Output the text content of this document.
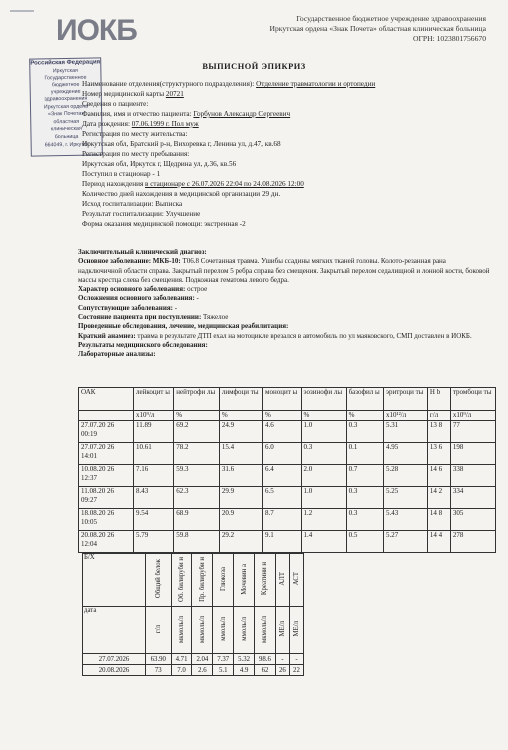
ИОКБ	Государственное бюджетное учреждение здравоохранения
Иркутская ордена «Знак Почета» областная клиническая больница
ОГРН: 1023801756670
ВЫПИСНОЙ ЭПИКРИЗ
Российская Федерация
Иркутская
Государственное бюджетное
учреждение здравоохранения
Иркутская ордена
«Знак Почета»
областная
клиническая
больница
664049, г. Иркутск
Наименование отделения(структурного подразделения): Отделение травматологии и ортопедии
Номер медицинской карты 20721
Сведения о пациенте:
Фамилия, имя и отчество пациента: Горбунов Александр Сергеевич
Дата рождения: 07.06.1999 г. Пол муж
Регистрация по месту жительства:
Иркутская обл, Братский р-н, Вихоревка г, Ленина ул, д.47, кв.68
Регистрация по месту пребывания:
Иркутская обл, Иркутск г, Щедрина ул, д.36, кв.56
Поступил в стационар - 1
Период нахождения в стационаре с 26.07.2026 22:04 по 24.08.2026 12:00
Количество дней нахождения в медицинской организации 29 дн.
Исход госпитализации: Выписка
Результат госпитализации: Улучшение
Форма оказания медицинской помощи: экстренная -2

Заключительный клинический диагноз:

Основное заболевание: МКБ-10: Т06.8 Сочетанная травма. Ушибы ссадины мягких тканей головы. Колото-резанная рана надключичной области справа. Закрытый перелом 5 ребра справа без смещения. Закрытый перелом седалищной и лонной кости, боковой массы крестца слева без смещения. Подкожная гематома левого бедра.

Характер основного заболевания: острое

Осложнения основного заболевания: -

Сопутствующие заболевания: -

Состояние пациента при поступлении: Тяжелое

Проведенные обследования, лечение, медицинская реабилитация:

Краткий анамнез: травма в результате ДТП ехал на мотоцикле врезался в автомобиль по ул маяковского, СМП доставлен в ИОКБ.

Результаты медицинского обследования:

Лабораторные анализы:

ОАК	лейкоцит ы	нейтрофи лы	лимфоци ты	моноцит ы	эозинофи лы	базофил ы	эритроци ты	Н b	тромбоци ты
	х10⁹/л	%	%	%	%	%	х10¹²/л	г/л	х10⁹/л
27.07.20 26 00:19	11.89	69.2	24.9	4.6	1.0	0.3	5.31	13 8	77
27.07.20 26 14:01	10.61	78.2	15.4	6.0	0.3	0.1	4.95	13 6	198
10.08.20 26 12:37	7.16	59.3	31.6	6.4	2.0	0.7	5.28	14 6	338
11.08.20 26 09:27	8.43	62.3	29.9	6.5	1.0	0.3	5.25	14 2	334
18.08.20 26 10:05	9.54	68.9	20.9	8.7	1.2	0.3	5.43	14 8	305
20.08.20 26 12:04	5.79	59.8	29.2	9.1	1.4	0.5	5.27	14 4	278
Б/Х	Общий белок	Об. билируби н	Пр. билируби н	Глюкоза	Мочевин а	Креатини н	АЛТ	АСТ
дата	г/л	мкмоль/л	мкмоль/л	ммоль/л	ммоль/л	мкмоль/л	МЕ/л	МЕ/л
27.07.2026	63.90	4.71	2.04	7.37	5.32	98.6	-	-
20.08.2026	73	7.0	2.6	5.1	4.9	62	26	22
